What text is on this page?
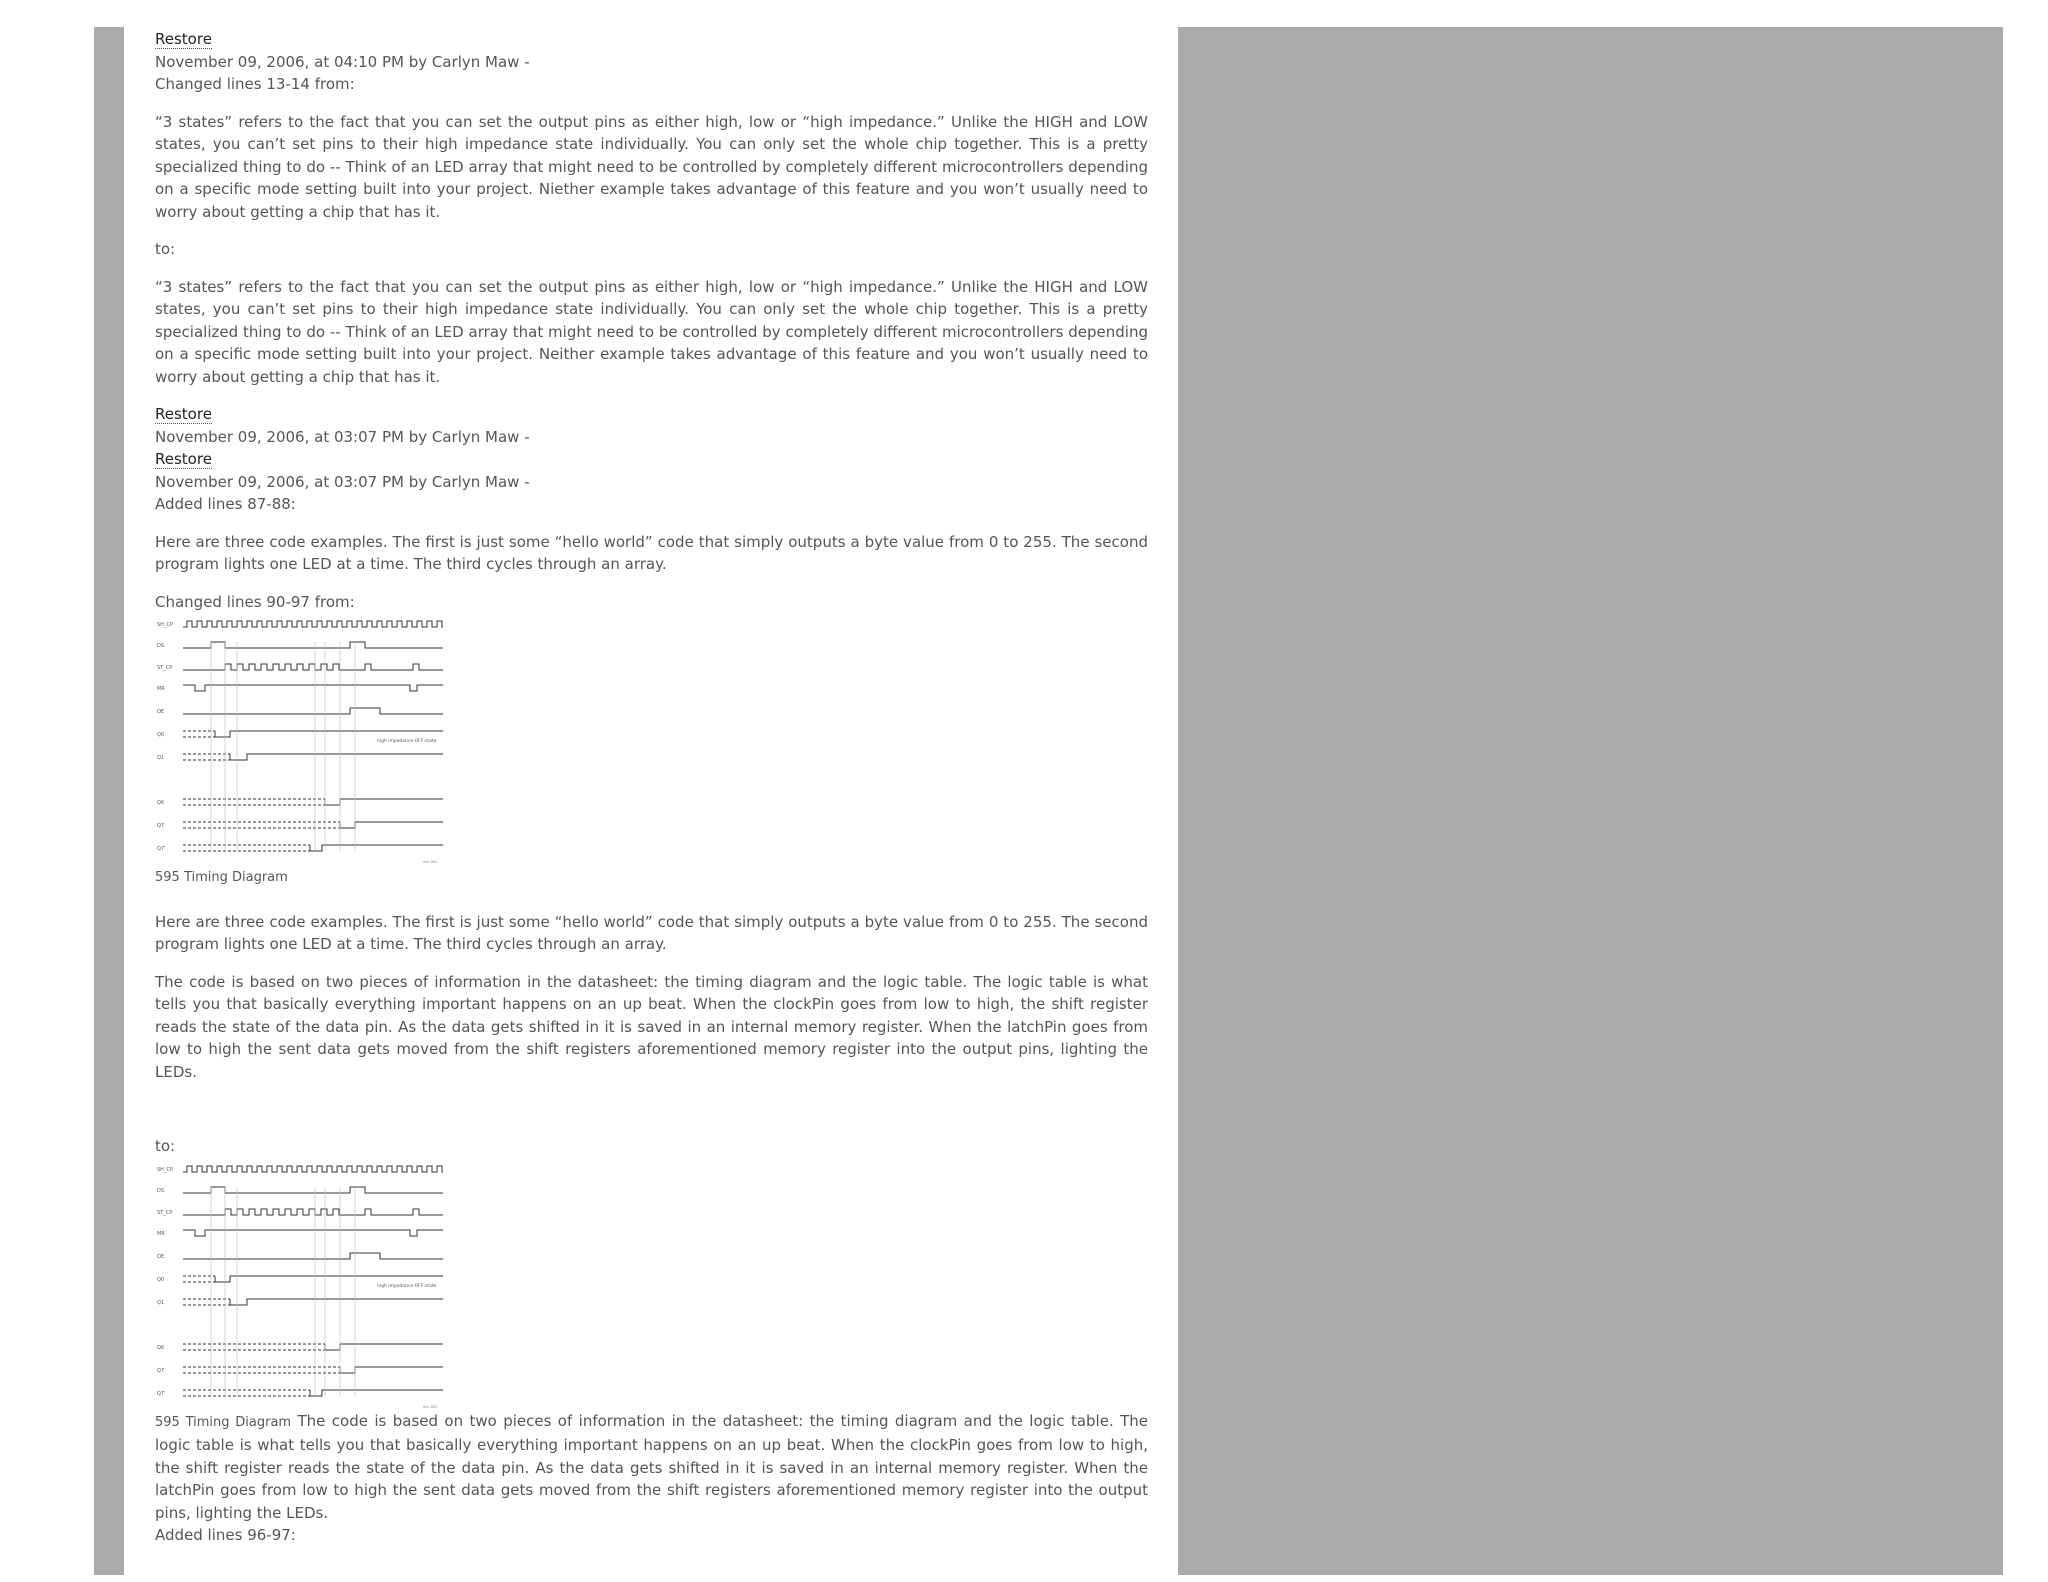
Restore
November 09, 2006, at 04:10 PM by Carlyn Maw -
Changed lines 13-14 from:

“3 states” refers to the fact that you can set the output pins as either high, low or “high impedance.” Unlike the HIGH and LOW states, you can’t set pins to their high impedance state individually. You can only set the whole chip together. This is a pretty specialized thing to do -- Think of an LED array that might need to be controlled by completely different microcontrollers depending on a specific mode setting built into your project. Niether example takes advantage of this feature and you won’t usually need to worry about getting a chip that has it.

to:

“3 states” refers to the fact that you can set the output pins as either high, low or “high impedance.” Unlike the HIGH and LOW states, you can’t set pins to their high impedance state individually. You can only set the whole chip together. This is a pretty specialized thing to do -- Think of an LED array that might need to be controlled by completely different microcontrollers depending on a specific mode setting built into your project. Neither example takes advantage of this feature and you won’t usually need to worry about getting a chip that has it.

Restore
November 09, 2006, at 03:07 PM by Carlyn Maw -
Restore
November 09, 2006, at 03:07 PM by Carlyn Maw -
Added lines 87-88:

Here are three code examples. The first is just some “hello world” code that simply outputs a byte value from 0 to 255. The second program lights one LED at a time. The third cycles through an array.

Changed lines 90-97 from:
SH_CP
DS
ST_CP
MR
OE
Q0
Q1
Q6
Q7
Q7'
high impedance OFF-state
mlc-001
595 Timing Diagram

Here are three code examples. The first is just some “hello world” code that simply outputs a byte value from 0 to 255. The second program lights one LED at a time. The third cycles through an array.

The code is based on two pieces of information in the datasheet: the timing diagram and the logic table. The logic table is what tells you that basically everything important happens on an up beat. When the clockPin goes from low to high, the shift register reads the state of the data pin. As the data gets shifted in it is saved in an internal memory register. When the latchPin goes from low to high the sent data gets moved from the shift registers aforementioned memory register into the output pins, lighting the LEDs.

to:
SH_CP
DS
ST_CP
MR
OE
Q0
Q1
Q6
Q7
Q7'
high impedance OFF-state
mlc-001
595 Timing Diagram The code is based on two pieces of information in the datasheet: the timing diagram and the logic table. The logic table is what tells you that basically everything important happens on an up beat. When the clockPin goes from low to high, the shift register reads the state of the data pin. As the data gets shifted in it is saved in an internal memory register. When the latchPin goes from low to high the sent data gets moved from the shift registers aforementioned memory register into the output pins, lighting the LEDs.
Added lines 96-97:
